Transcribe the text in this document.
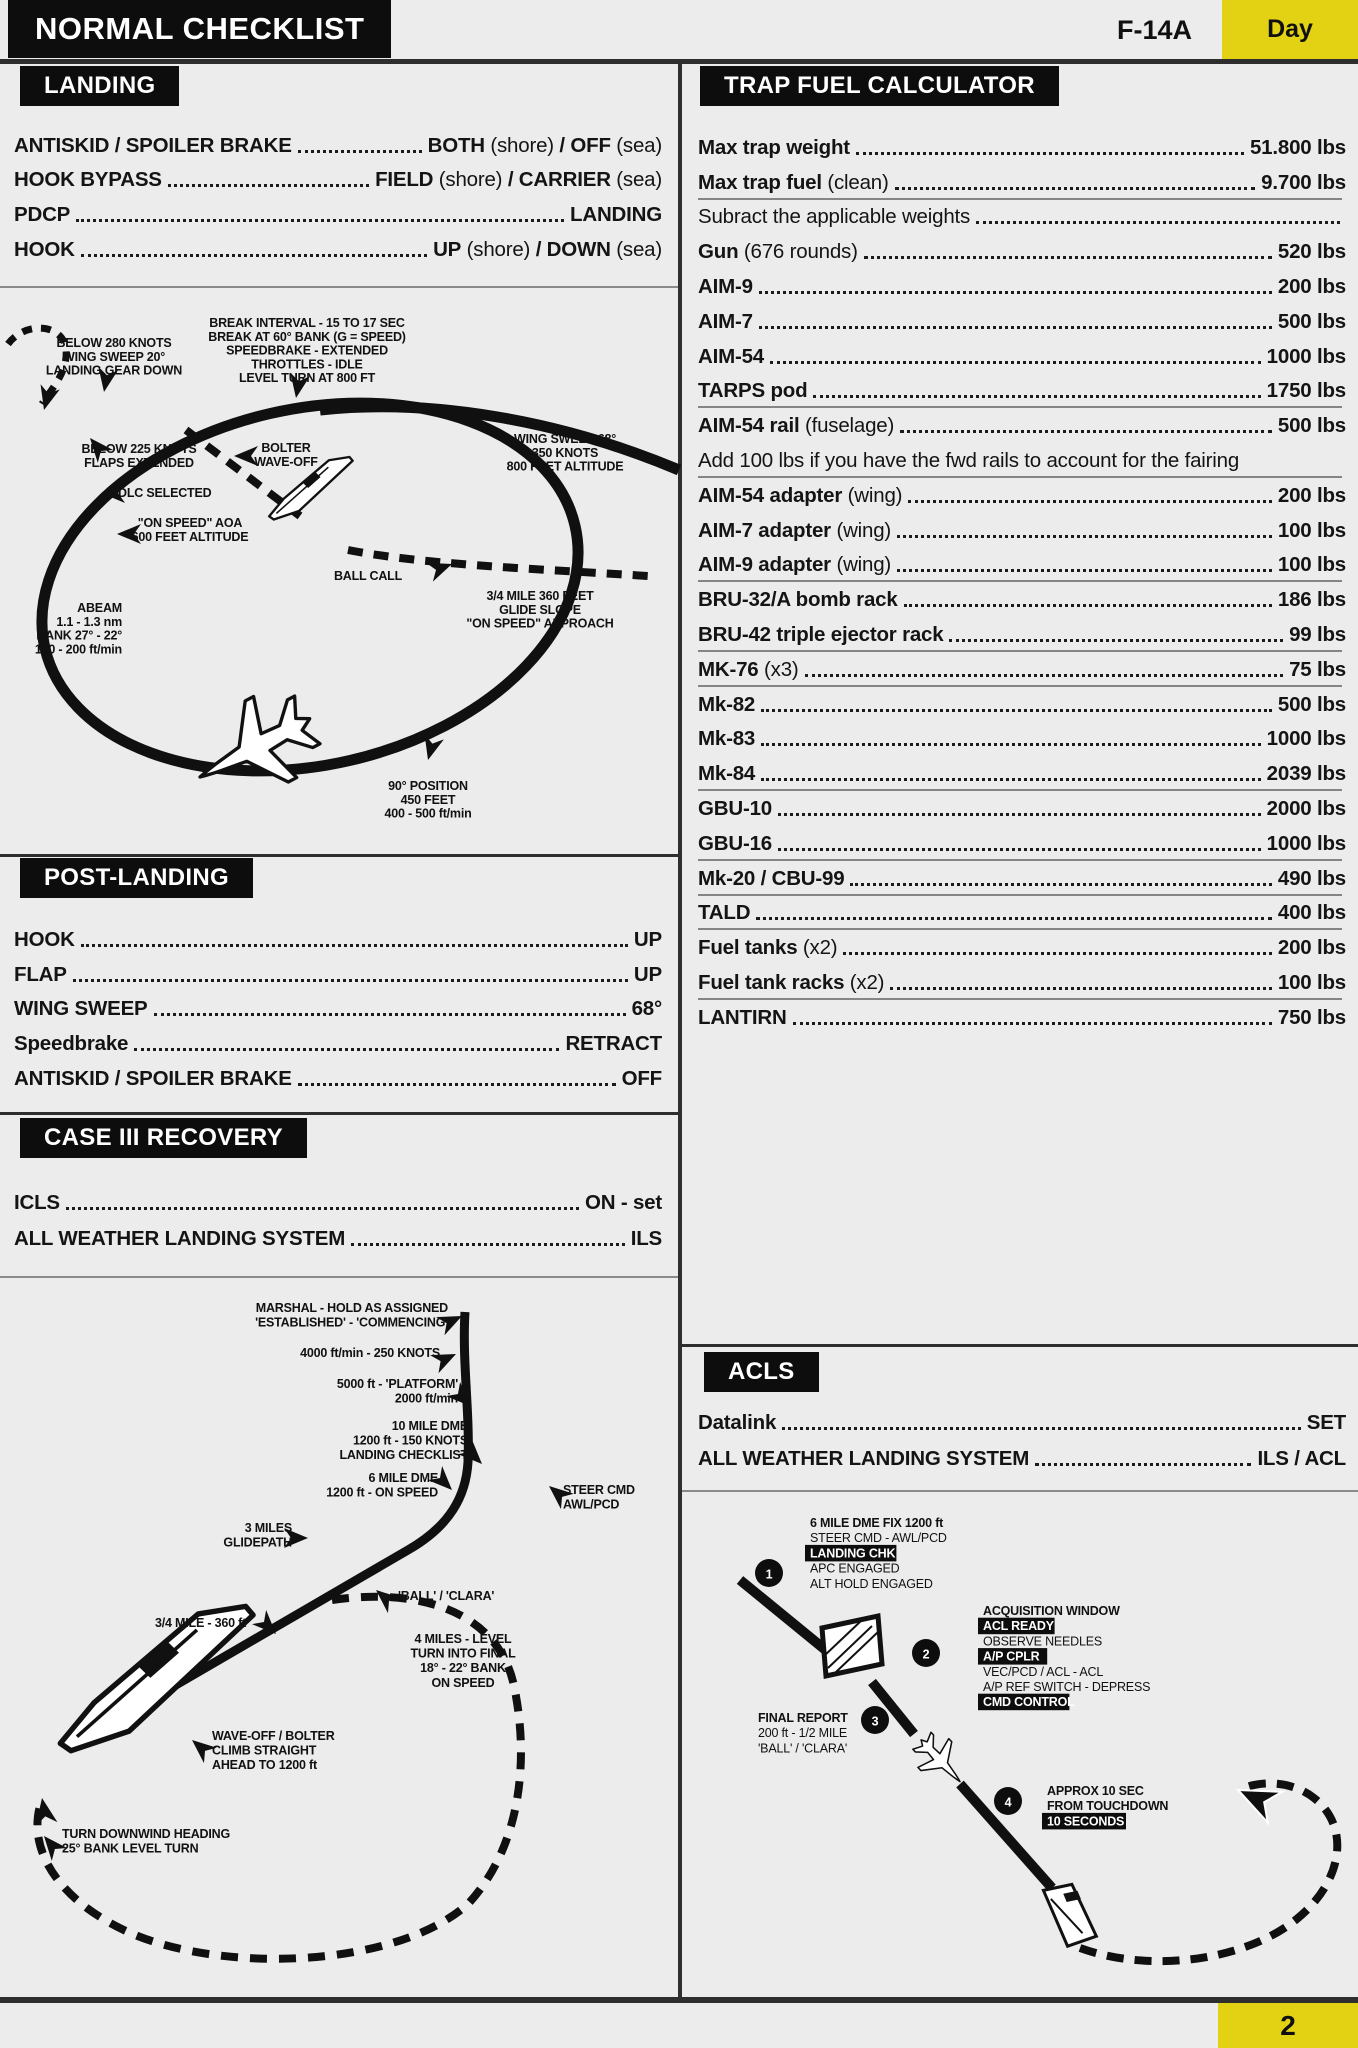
NORMAL CHECKLIST	F-14A	Day
LANDING
ANTISKID / SPOILER BRAKE	BOTH (shore) / OFF (sea)
HOOK BYPASS	FIELD (shore) / CARRIER (sea)
PDCP	LANDING
HOOK	UP (shore) / DOWN (sea)
BELOW 280 KNOTS
WING SWEEP 20°
LANDING GEAR DOWN
BREAK INTERVAL - 15 TO 17 SEC
BREAK AT 60° BANK (G = SPEED)
SPEEDBRAKE - EXTENDED
THROTTLES - IDLE
LEVEL TURN AT 800 FT
WING SWEEP 68°
350 KNOTS
800 FEET ALTITUDE
BELOW 225 KNOTS
FLAPS EXTENDED
BOLTER
WAVE-OFF
DLC SELECTED
"ON SPEED" AOA
600 FEET ALTITUDE
BALL CALL
3/4 MILE 360 FEET
GLIDE SLOPE
"ON SPEED" APPROACH
ABEAM
1.1 - 1.3 nm
BANK 27° - 22°
100 - 200 ft/min
90° POSITION
450 FEET
400 - 500 ft/min
POST-LANDING
HOOK	UP
FLAP	UP
WING SWEEP	68°
Speedbrake	RETRACT
ANTISKID / SPOILER BRAKE	OFF
CASE III RECOVERY
ICLS	ON - set
ALL WEATHER LANDING SYSTEM	ILS
MARSHAL - HOLD AS ASSIGNED
'ESTABLISHED' - 'COMMENCING'
4000 ft/min - 250 KNOTS
5000 ft - 'PLATFORM'
2000 ft/min
10 MILE DME
1200 ft - 150 KNOTS
LANDING CHECKLIST
6 MILE DME
1200 ft - ON SPEED	STEER CMD
AWL/PCD
3 MILES
GLIDEPATH
'BALL' / 'CLARA'
3/4 MILE - 360 ft
4 MILES - LEVEL
TURN INTO FINAL
18° - 22° BANK
ON SPEED
WAVE-OFF / BOLTER
CLIMB STRAIGHT
AHEAD TO 1200 ft
TURN DOWNWIND HEADING
25° BANK LEVEL TURN
TRAP FUEL CALCULATOR
Max trap weight	51.800 lbs
Max trap fuel (clean)	9.700 lbs
Subract the applicable weights
Gun (676 rounds)	520 lbs
AIM-9	200 lbs
AIM-7	500 lbs
AIM-54	1000 lbs
TARPS pod	1750 lbs
AIM-54 rail (fuselage)	500 lbs
Add 100 lbs if you have the fwd rails to account for the fairing
AIM-54 adapter (wing)	200 lbs
AIM-7 adapter (wing)	100 lbs
AIM-9 adapter (wing)	100 lbs
BRU-32/A bomb rack	186 lbs
BRU-42 triple ejector rack	99 lbs
MK-76 (x3)	75 lbs
Mk-82	500 lbs
Mk-83	1000 lbs
Mk-84	2039 lbs
GBU-10	2000 lbs
GBU-16	1000 lbs
Mk-20 / CBU-99	490 lbs
TALD	400 lbs
Fuel tanks (x2)	200 lbs
Fuel tank racks (x2)	100 lbs
LANTIRN	750 lbs
ACLS
Datalink	SET
ALL WEATHER LANDING SYSTEM	ILS / ACL
1
6 MILE DME FIX 1200 ft
STEER CMD - AWL/PCD
LANDING CHK
APC ENGAGED
ALT HOLD ENGAGED
2
ACQUISITION WINDOW
ACL READY
OBSERVE NEEDLES
A/P CPLR
VEC/PCD / ACL - ACL
A/P REF SWITCH - DEPRESS
CMD CONTROL
3
FINAL REPORT
200 ft - 1/2 MILE
'BALL' / 'CLARA'
4
APPROX 10 SEC
FROM TOUCHDOWN
10 SECONDS
2
